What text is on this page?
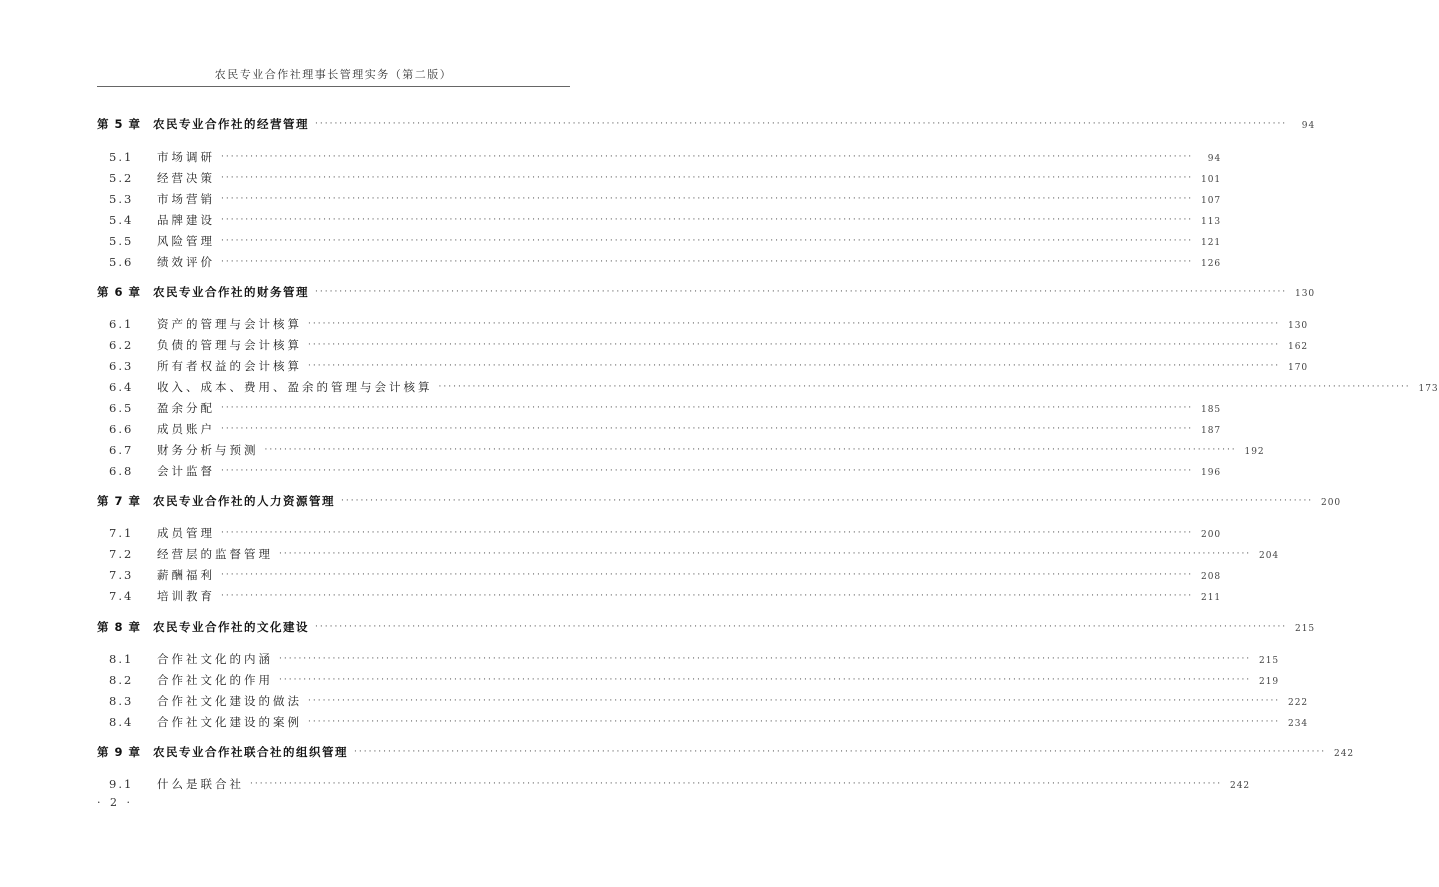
农民专业合作社理事长管理实务（第二版）
第 5 章	农民专业合作社的经营管理 ········································································································································································································	94
5.1	市场调研 ········································································································································································································	94
5.2	经营决策 ········································································································································································································ 101
5.3	市场营销 ········································································································································································································ 107
5.4	品牌建设 ········································································································································································································ 113
5.5	风险管理 ········································································································································································································ 121
5.6	绩效评价 ········································································································································································································ 126
第 6 章	农民专业合作社的财务管理 ········································································································································································································ 130
6.1	资产的管理与会计核算 ········································································································································································································ 130
6.2	负债的管理与会计核算 ········································································································································································································ 162
6.3	所有者权益的会计核算 ········································································································································································································ 170
6.4	收入、成本、费用、盈余的管理与会计核算 ········································································································································································································ 173
6.5	盈余分配 ········································································································································································································ 185
6.6	成员账户 ········································································································································································································ 187
6.7	财务分析与预测 ········································································································································································································ 192
6.8	会计监督 ········································································································································································································ 196
第 7 章	农民专业合作社的人力资源管理 ········································································································································································································ 200
7.1	成员管理 ········································································································································································································ 200
7.2	经营层的监督管理 ········································································································································································································ 204
7.3	薪酬福利 ········································································································································································································ 208
7.4	培训教育 ········································································································································································································ 211
第 8 章	农民专业合作社的文化建设 ········································································································································································································ 215
8.1	合作社文化的内涵 ········································································································································································································ 215
8.2	合作社文化的作用 ········································································································································································································ 219
8.3	合作社文化建设的做法 ········································································································································································································ 222
8.4	合作社文化建设的案例 ········································································································································································································ 234
第 9 章	农民专业合作社联合社的组织管理 ········································································································································································································ 242
9.1	什么是联合社 ········································································································································································································ 242
· 2 ·
